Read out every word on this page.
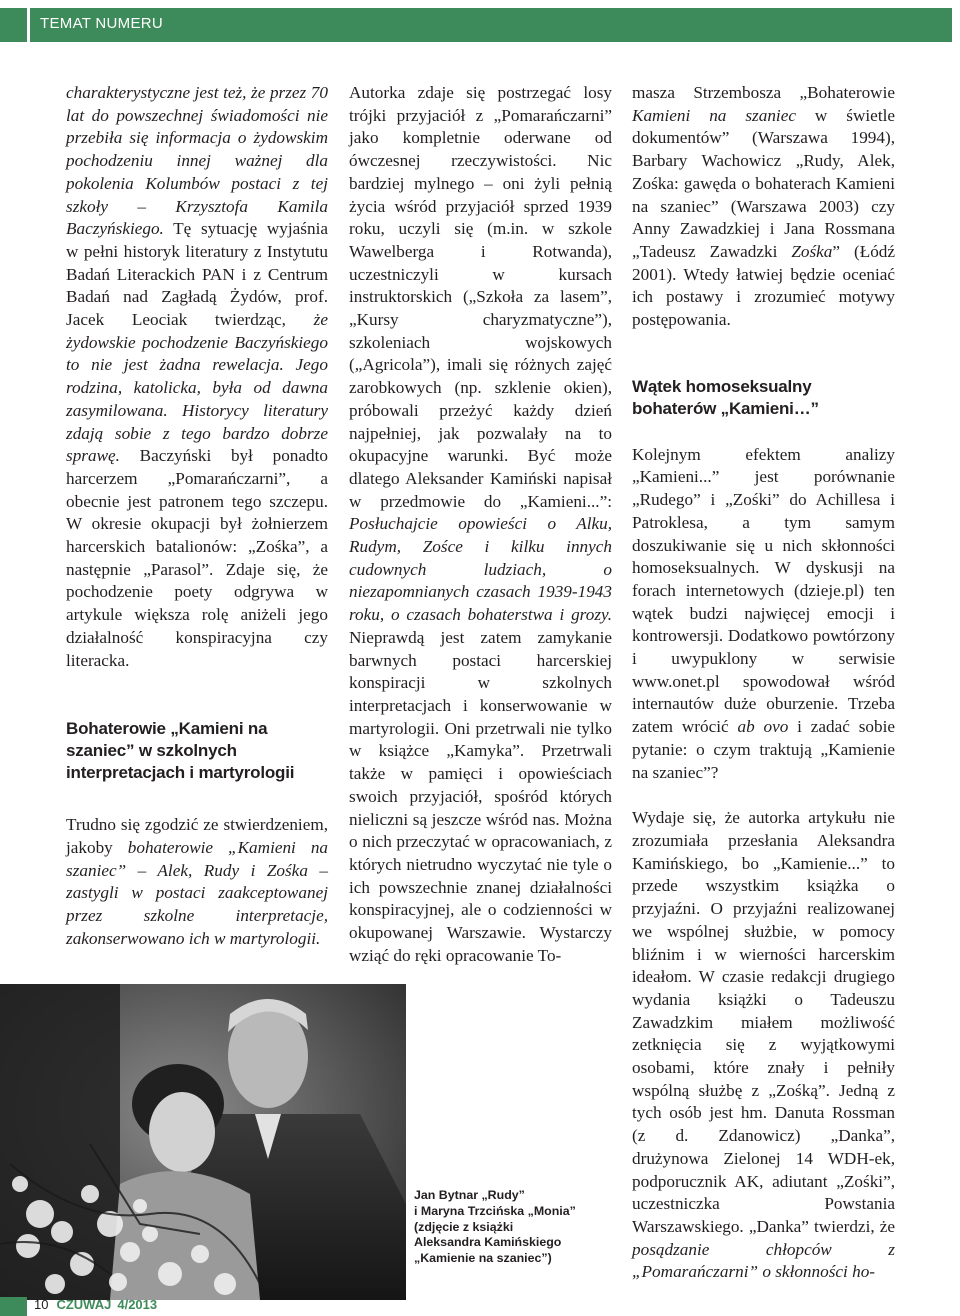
TEMAT NUMERU

charakterystyczne jest też, że przez 70 lat do powszechnej świadomości nie przebiła się informacja o żydowskim pochodzeniu innej ważnej dla pokolenia Kolumbów postaci z tej szkoły – Krzysztofa Kamila Baczyńskiego. Tę sytuację wyjaśnia w pełni historyk literatury z Instytutu Badań Literackich PAN i z Centrum Badań nad Zagładą Żydów, prof. Jacek Leociak twierdząc, że żydowskie pochodzenie Baczyńskiego to nie jest żadna rewelacja. Jego rodzina, katolicka, była od dawna zasymilowana. Historycy literatury zdają sobie z tego bardzo dobrze sprawę. Baczyński był ponadto harcerzem „Pomarańczarni”, a obecnie jest patronem tego szczepu. W okresie okupacji był żołnierzem harcerskich batalionów: „Zośka”, a następnie „Parasol”. Zdaje się, że pochodzenie poety odgrywa w artykule większa rolę aniżeli jego działalność konspiracyjna czy literacka.

Bohaterowie „Kamieni na szaniec” w szkolnych interpretacjach i martyrologii

Trudno się zgodzić ze stwierdzeniem, jakoby bohaterowie „Kamieni na szaniec” – Alek, Rudy i Zośka – zastygli w postaci zaakceptowanej przez szkolne interpretacje, zakonserwowano ich w martyrologii.

Autorka zdaje się postrzegać losy trójki przyjaciół z „Pomarańczarni” jako kompletnie oderwane od ówczesnej rzeczywistości. Nic bardziej mylnego – oni żyli pełnią życia wśród przyjaciół sprzed 1939 roku, uczyli się (m.in. w szkole Wawelberga i Rotwanda), uczestniczyli w kursach instruktorskich („Szkoła za lasem”, „Kursy charyzmatyczne”), szkoleniach wojskowych („Agricola”), imali się różnych zajęć zarobkowych (np. szklenie okien), próbowali przeżyć każdy dzień najpełniej, jak pozwalały na to okupacyjne warunki. Być może dlatego Aleksander Kamiński napisał w przedmowie do „Kamieni...”: Posłuchajcie opowieści o Alku, Rudym, Zośce i kilku innych cudownych ludziach, o niezapomnianych czasach 1939-1943 roku, o czasach bohaterstwa i grozy. Nieprawdą jest zatem zamykanie barwnych postaci harcerskiej konspiracji w szkolnych interpretacjach i konserwowanie w martyrologii. Oni przetrwali nie tylko w książce „Kamyka”. Przetrwali także w pamięci i opowieściach swoich przyjaciół, spośród których nieliczni są jeszcze wśród nas. Można o nich przeczytać w opracowaniach, z których nietrudno wyczytać nie tyle o ich powszechnie znanej działalności konspiracyjnej, ale o codzienności w okupowanej Warszawie. Wystarczy wziąć do ręki opracowanie To-

masza Strzembosza „Bohaterowie Kamieni na szaniec w świetle dokumentów” (Warszawa 1994), Barbary Wachowicz „Rudy, Alek, Zośka: gawęda o bohaterach Kamieni na szaniec” (Warszawa 2003) czy Anny Zawadzkiej i Jana Rossmana „Tadeusz Zawadzki Zośka” (Łódź 2001). Wtedy łatwiej będzie oceniać ich postawy i zrozumieć motywy postępowania.

Wątek homoseksualny bohaterów „Kamieni…”

Kolejnym efektem analizy „Kamieni...” jest porównanie „Rudego” i „Zośki” do Achillesa i Patroklesa, a tym samym doszukiwanie się u nich skłonności homoseksualnych. W dyskusji na forach internetowych (dzieje.pl) ten wątek budzi najwięcej emocji i kontrowersji. Dodatkowo powtórzony i uwypuklony w serwisie www.onet.pl spowodował wśród internautów duże oburzenie. Trzeba zatem wrócić ab ovo i zadać sobie pytanie: o czym traktują „Kamienie na szaniec”?

Wydaje się, że autorka artykułu nie zrozumiała przesłania Aleksandra Kamińskiego, bo „Kamienie...” to przede wszystkim książka o przyjaźni. O przyjaźni realizowanej we wspólnej służbie, w pomocy bliźnim i w wierności harcerskim ideałom. W czasie redakcji drugiego wydania książki o Tadeuszu Zawadzkim miałem możliwość zetknięcia się z wyjątkowymi osobami, które znały i pełniły wspólną służbę z „Zośką”. Jedną z tych osób jest hm. Danuta Rossman (z d. Zdanowicz) „Danka”, drużynowa Zielonej 14 WDH-ek, podporucznik AK, adiutant „Zośki”, uczestniczka Powstania Warszawskiego. „Danka” twierdzi, że posądzanie chłopców z „Pomarańczarni” o skłonności ho-

Jan Bytnar „Rudy”

i Maryna Trzcińska „Monia”

(zdjęcie z książki

Aleksandra Kamińskiego

„Kamienie na szaniec”)

10 CZUWAJ 4/2013
